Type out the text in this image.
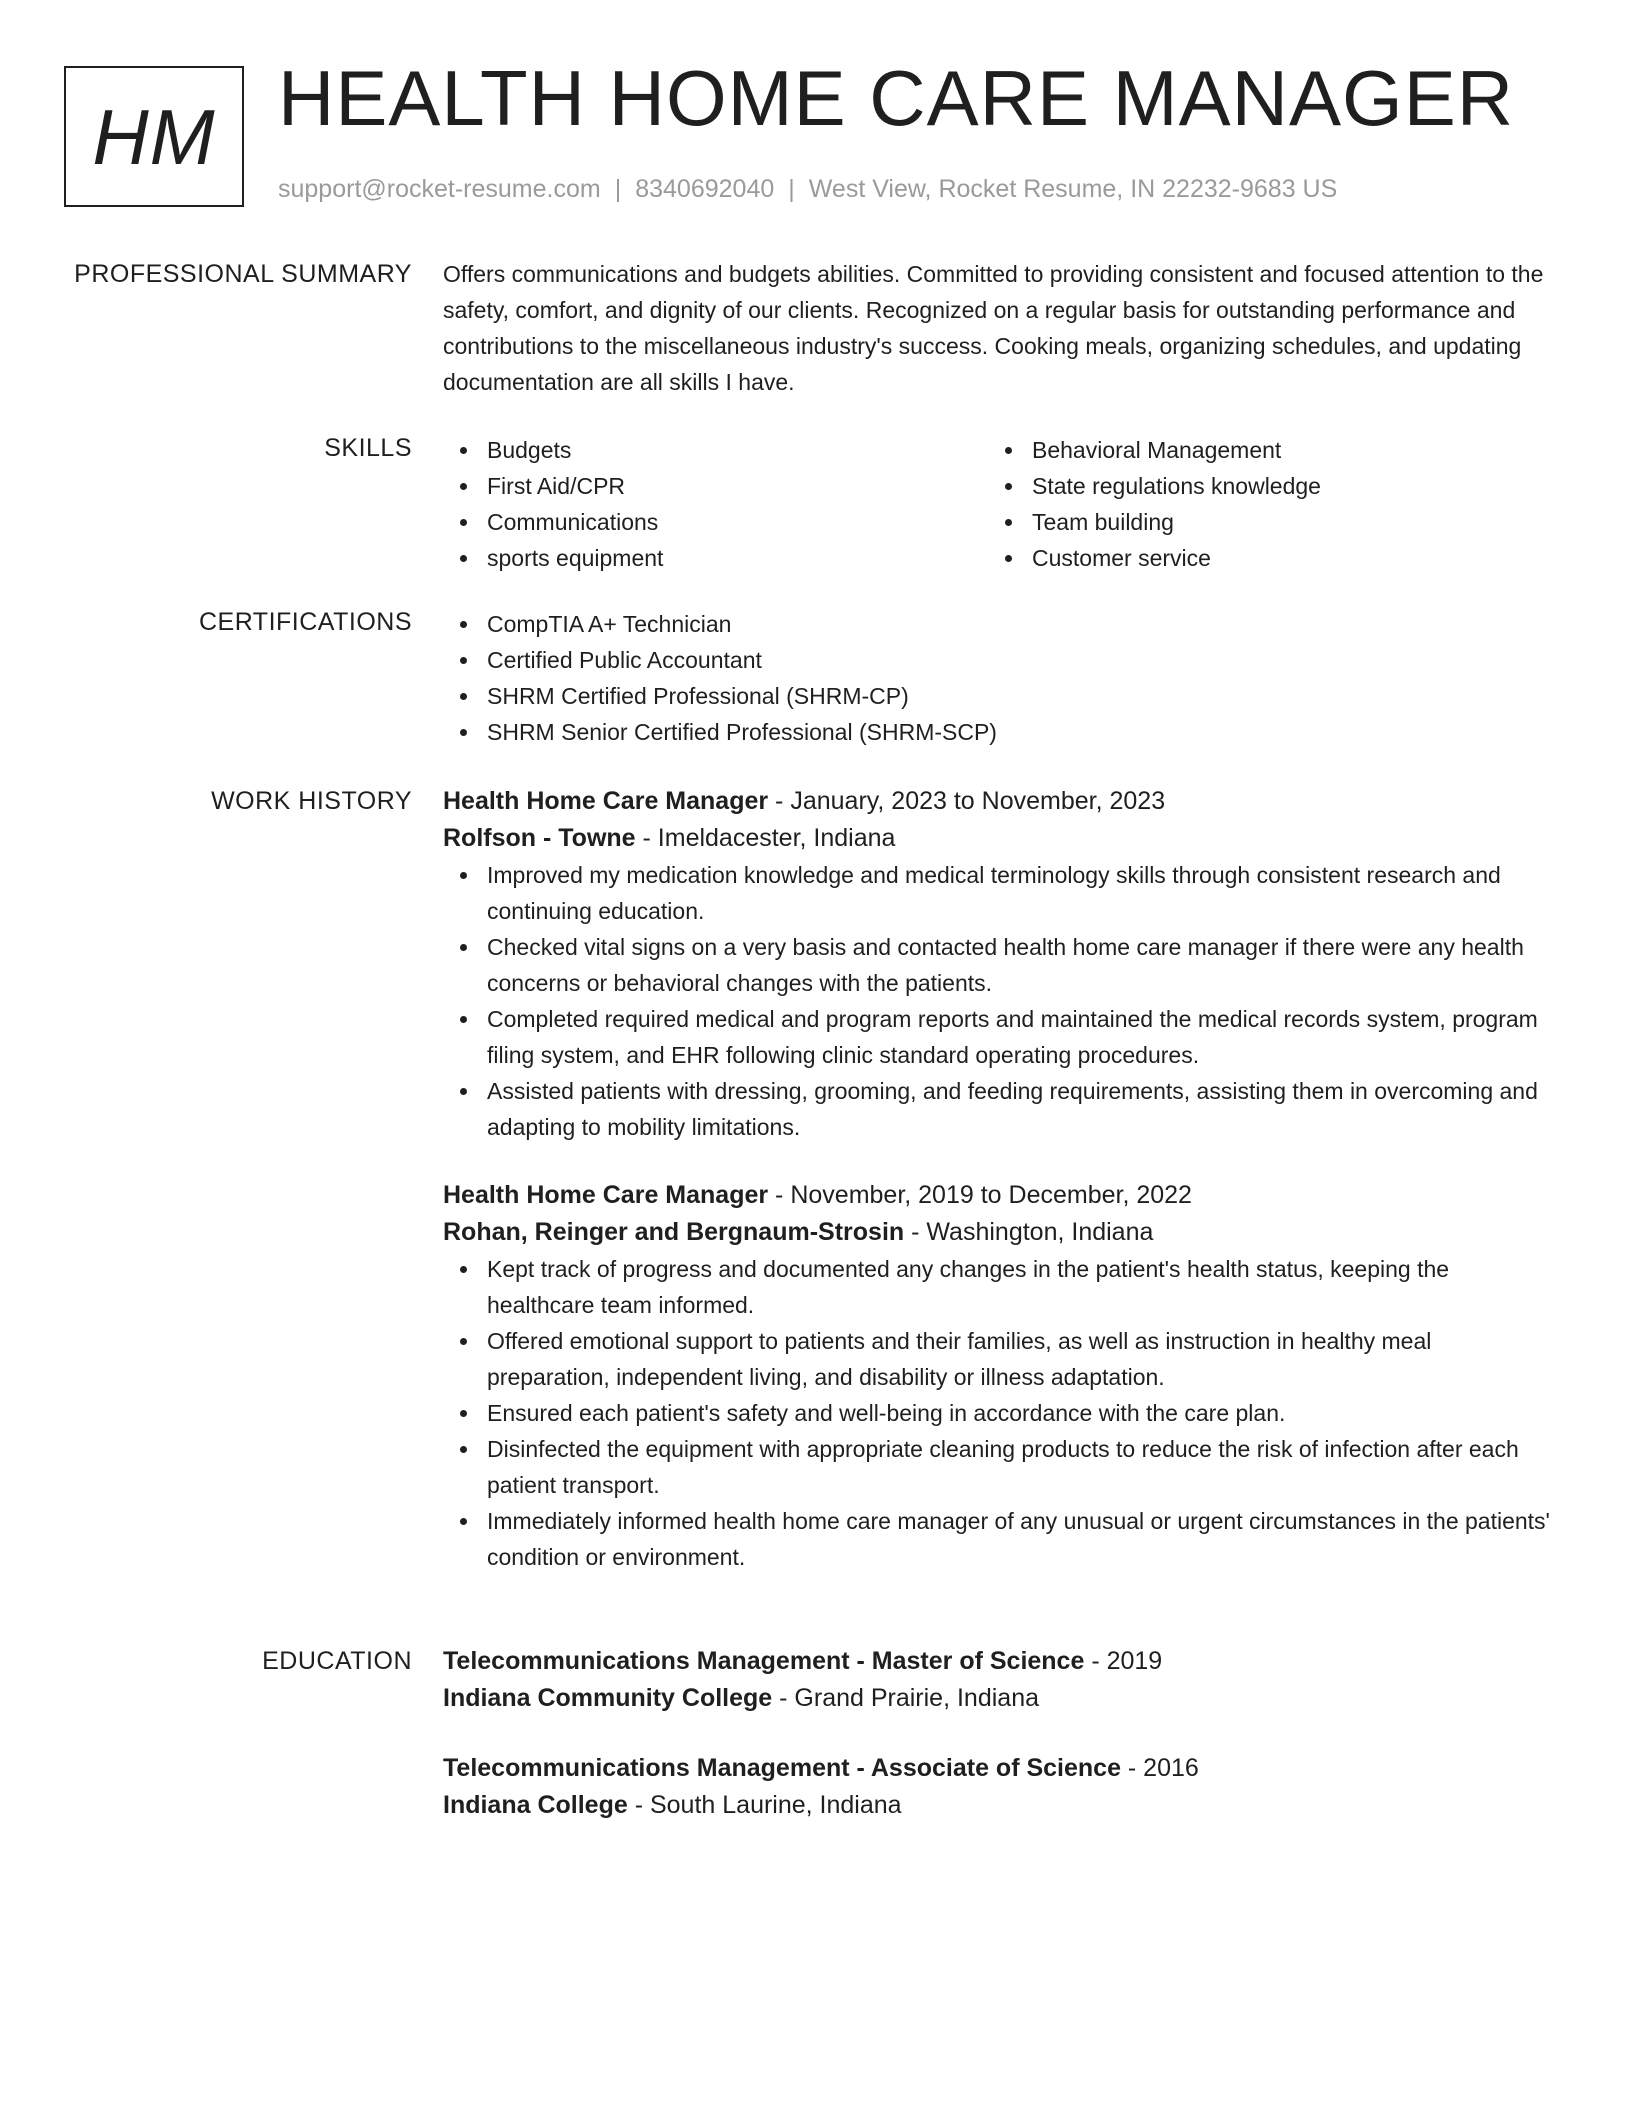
HM HEALTH HOME CARE MANAGER
support@rocket-resume.com | 8340692040 | West View, Rocket Resume, IN 22232-9683 US
PROFESSIONAL SUMMARY Offers communications and budgets abilities. Committed to providing consistent and focused attention to the safety, comfort, and dignity of our clients. Recognized on a regular basis for outstanding performance and contributions to the miscellaneous industry's success. Cooking meals, organizing schedules, and updating documentation are all skills I have.

SKILLS	Budgets
First Aid/CPR
Communications
sports equipment
Behavioral Management
State regulations knowledge
Team building
Customer service
CERTIFICATIONS	CompTIA A+ Technician
Certified Public Accountant
SHRM Certified Professional (SHRM-CP)
SHRM Senior Certified Professional (SHRM-SCP)
WORK HISTORY Health Home Care Manager - January, 2023 to November, 2023
Rolfson - Towne - Imeldacester, Indiana
Improved my medication knowledge and medical terminology skills through consistent research and continuing education.
Checked vital signs on a very basis and contacted health home care manager if there were any health concerns or behavioral changes with the patients.
Completed required medical and program reports and maintained the medical records system, program filing system, and EHR following clinic standard operating procedures.
Assisted patients with dressing, grooming, and feeding requirements, assisting them in overcoming and adapting to mobility limitations.
Health Home Care Manager - November, 2019 to December, 2022
Rohan, Reinger and Bergnaum-Strosin - Washington, Indiana
Kept track of progress and documented any changes in the patient's health status, keeping the healthcare team informed.
Offered emotional support to patients and their families, as well as instruction in healthy meal preparation, independent living, and disability or illness adaptation.
Ensured each patient's safety and well-being in accordance with the care plan.
Disinfected the equipment with appropriate cleaning products to reduce the risk of infection after each patient transport.
Immediately informed health home care manager of any unusual or urgent circumstances in the patients' condition or environment.
EDUCATION Telecommunications Management - Master of Science - 2019
Indiana Community College - Grand Prairie, Indiana
Telecommunications Management - Associate of Science - 2016
Indiana College - South Laurine, Indiana
